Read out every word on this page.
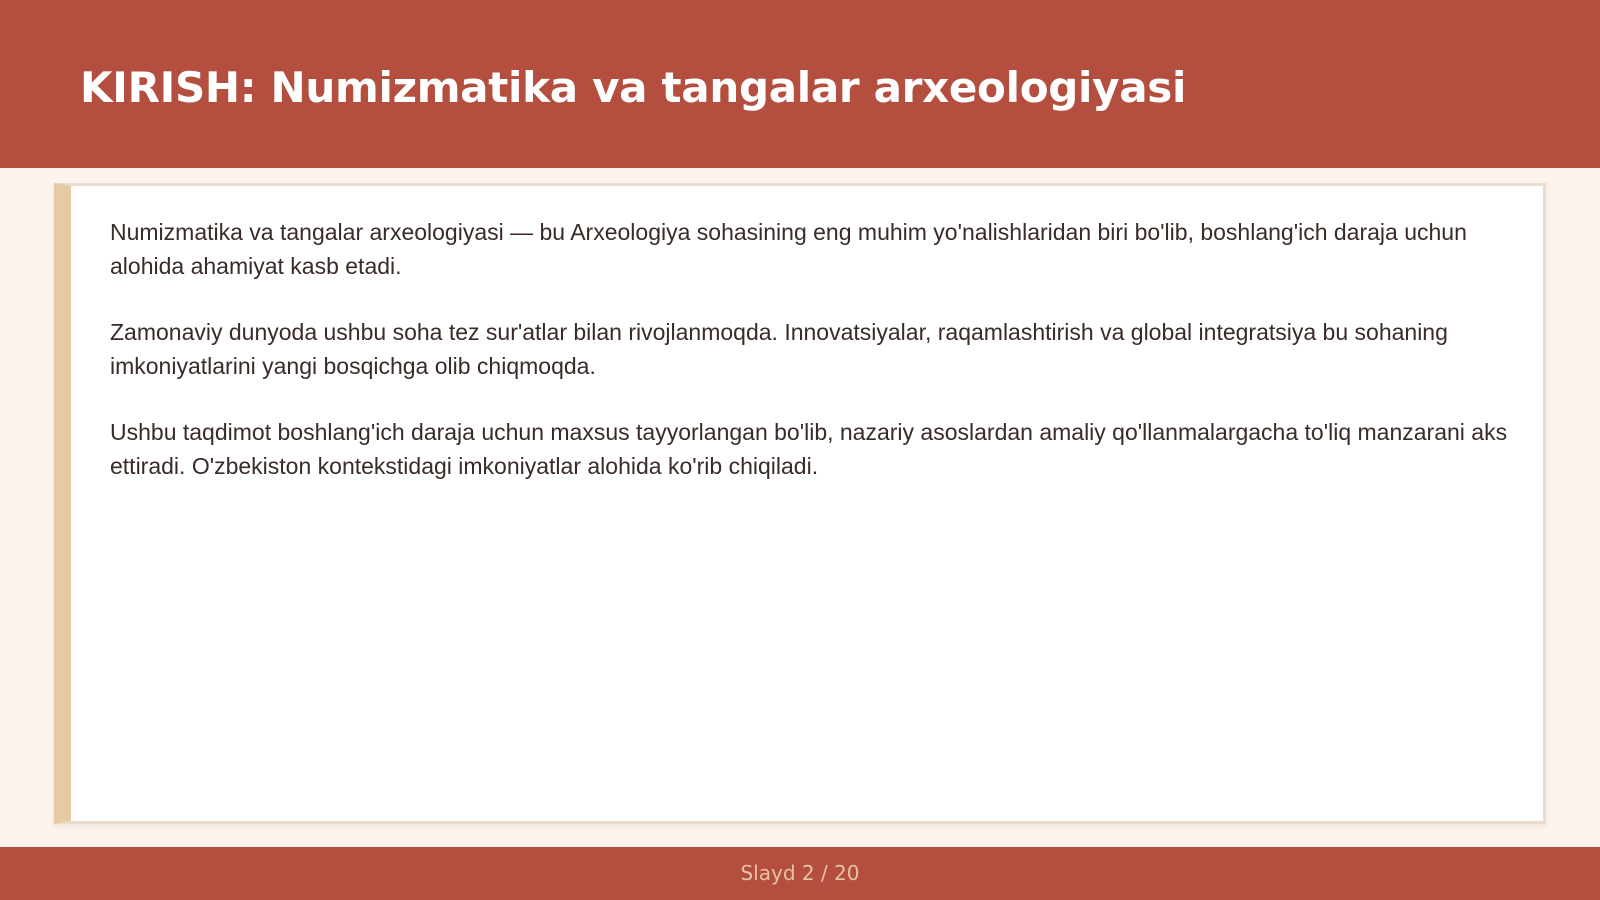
KIRISH: Numizmatika va tangalar arxeologiyasi

Numizmatika va tangalar arxeologiyasi — bu Arxeologiya sohasining eng muhim yo'nalishlaridan biri bo'lib, boshlang'ich daraja uchun alohida ahamiyat kasb etadi.

Zamonaviy dunyoda ushbu soha tez sur'atlar bilan rivojlanmoqda. Innovatsiyalar, raqamlashtirish va global integratsiya bu sohaning imkoniyatlarini yangi bosqichga olib chiqmoqda.

Ushbu taqdimot boshlang'ich daraja uchun maxsus tayyorlangan bo'lib, nazariy asoslardan amaliy qo'llanmalargacha to'liq manzarani aks ettiradi. O'zbekiston kontekstidagi imkoniyatlar alohida ko'rib chiqiladi.

Slayd 2 / 20
